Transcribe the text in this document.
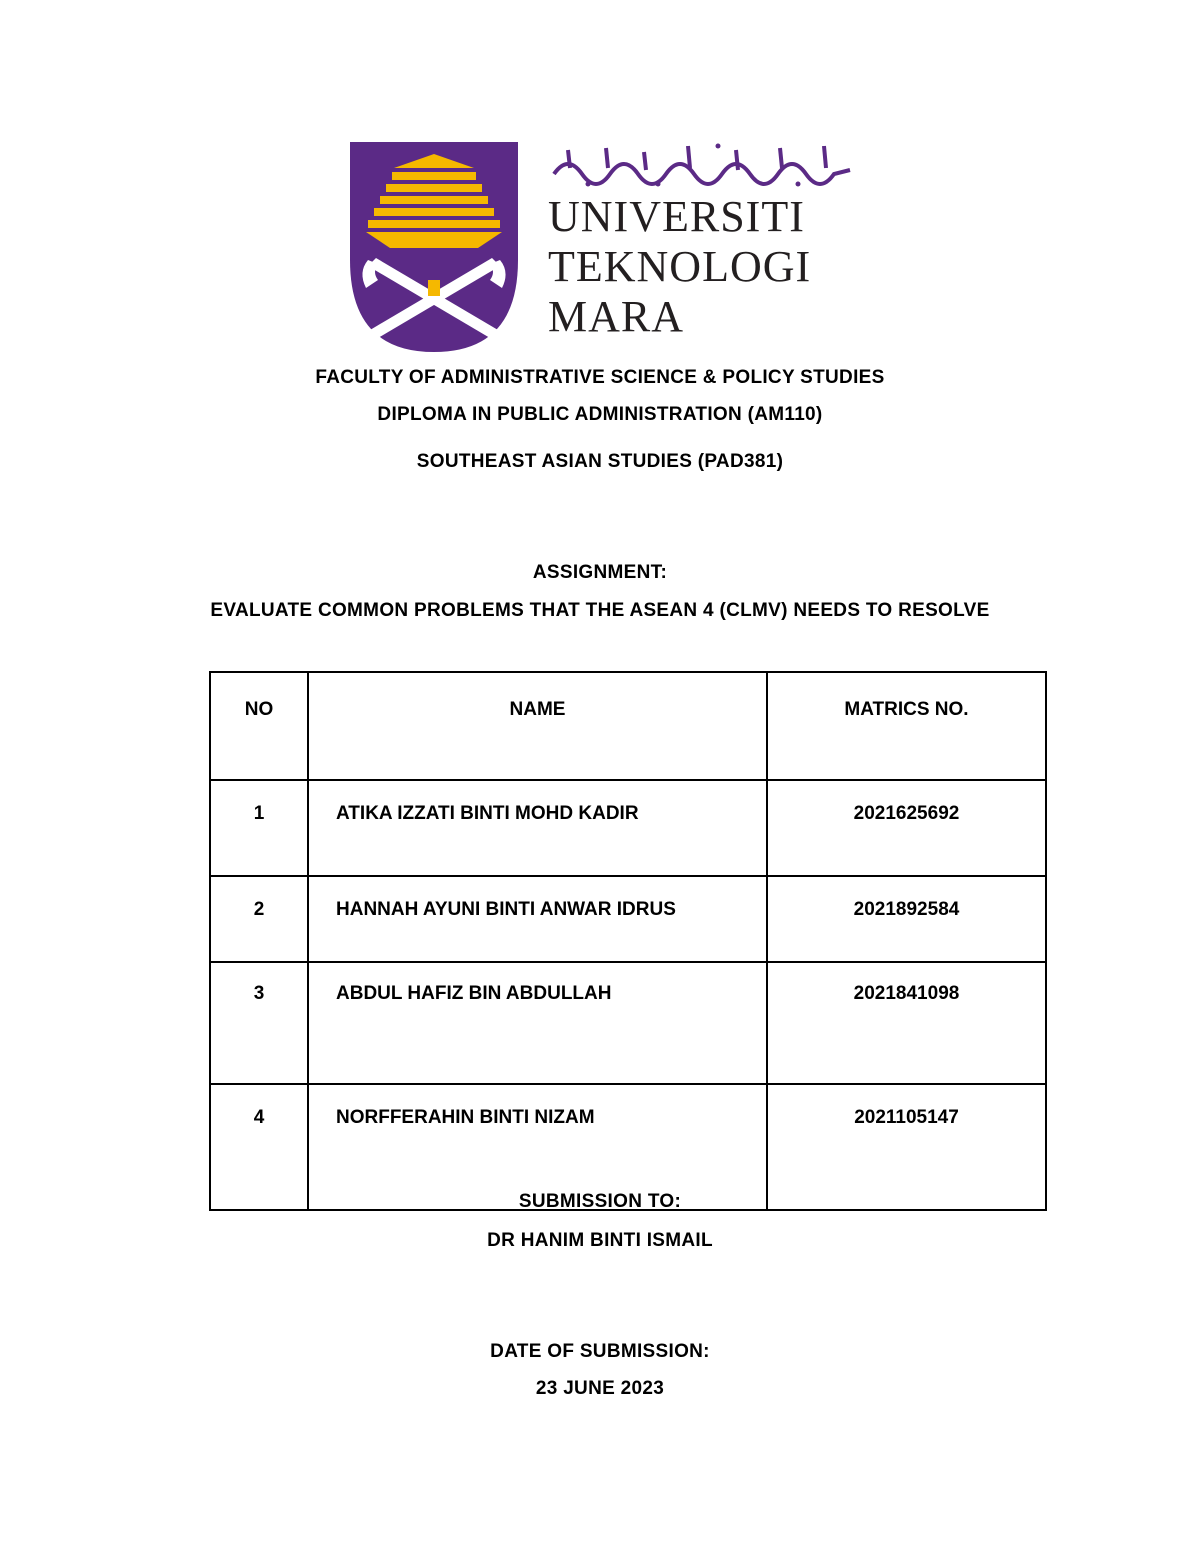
UNIVERSITI
TEKNOLOGI
MARA
FACULTY OF ADMINISTRATIVE SCIENCE & POLICY STUDIES
DIPLOMA IN PUBLIC ADMINISTRATION (AM110)
SOUTHEAST ASIAN STUDIES (PAD381)
ASSIGNMENT:
EVALUATE COMMON PROBLEMS THAT THE ASEAN 4 (CLMV) NEEDS TO RESOLVE
NO	NAME	MATRICS NO.
1	ATIKA IZZATI BINTI MOHD KADIR	2021625692
2	HANNAH AYUNI BINTI ANWAR IDRUS	2021892584
3	ABDUL HAFIZ BIN ABDULLAH	2021841098
4	NORFFERAHIN BINTI NIZAM	2021105147
SUBMISSION TO:
DR HANIM BINTI ISMAIL
DATE OF SUBMISSION:
23 JUNE 2023
